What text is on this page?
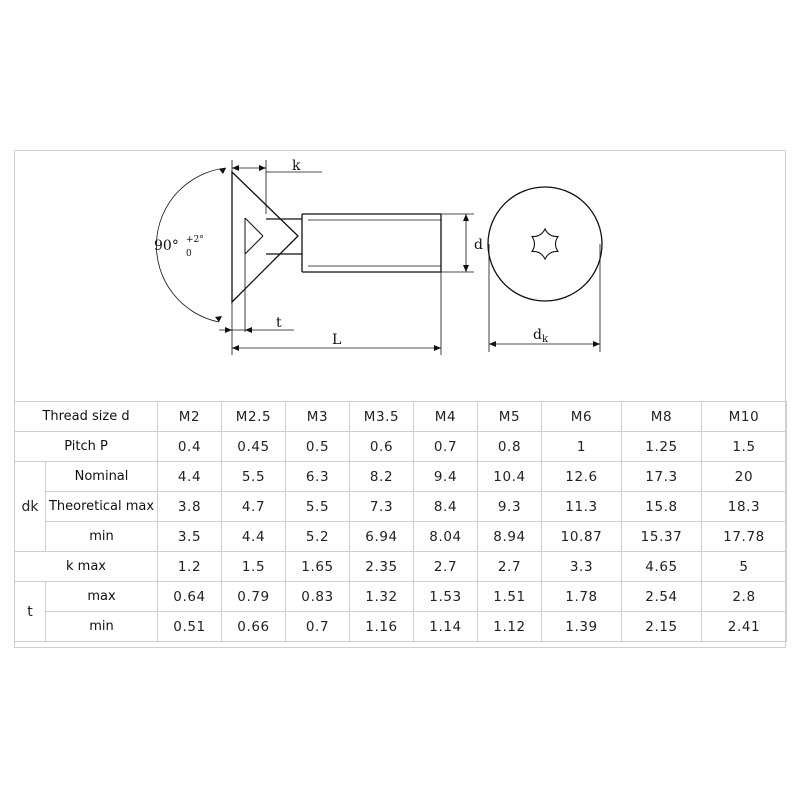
90° +2°
0
k
t
L
d
$d_k$
Thread size d		M2	M2.5	M3	M3.5	M4	M5	M6	M8	M10
Pitch P		0.4	0.45	0.5	0.6	0.7	0.8	1	1.25	1.5
dk	Nominal	4.4	5.5	6.3	8.2	9.4	10.4	12.6	17.3	20
	Theoretical max	3.8	4.7	5.5	7.3	8.4	9.3	11.3	15.8	18.3
	min	3.5	4.4	5.2	6.94	8.04	8.94	10.87	15.37	17.78
k max		1.2	1.5	1.65	2.35	2.7	2.7	3.3	4.65	5
t	max	0.64	0.79	0.83	1.32	1.53	1.51	1.78	2.54	2.8
	min	0.51	0.66	0.7	1.16	1.14	1.12	1.39	2.15	2.41
